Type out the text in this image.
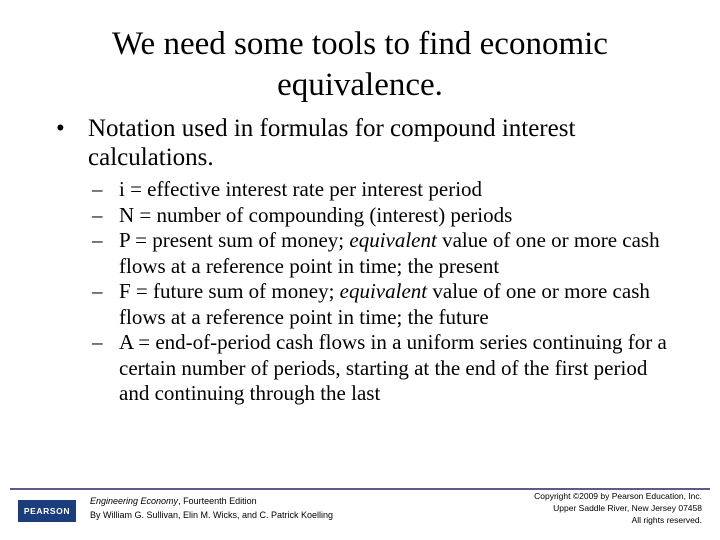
We need some tools to find economic equivalence.
• Notation used in formulas for compound interest calculations.
– i = effective interest rate per interest period
– N = number of compounding (interest) periods
– P = present sum of money; equivalent value of one or more cash flows at a reference point in time; the present
– F = future sum of money; equivalent value of one or more cash flows at a reference point in time; the future
– A = end-of-period cash flows in a uniform series continuing for a certain number of periods, starting at the end of the first period and continuing through the last
PEARSON
Engineering Economy, Fourteenth Edition
By William G. Sullivan, Elin M. Wicks, and C. Patrick Koelling
Copyright ©2009 by Pearson Education, Inc.
Upper Saddle River, New Jersey 07458
All rights reserved.
